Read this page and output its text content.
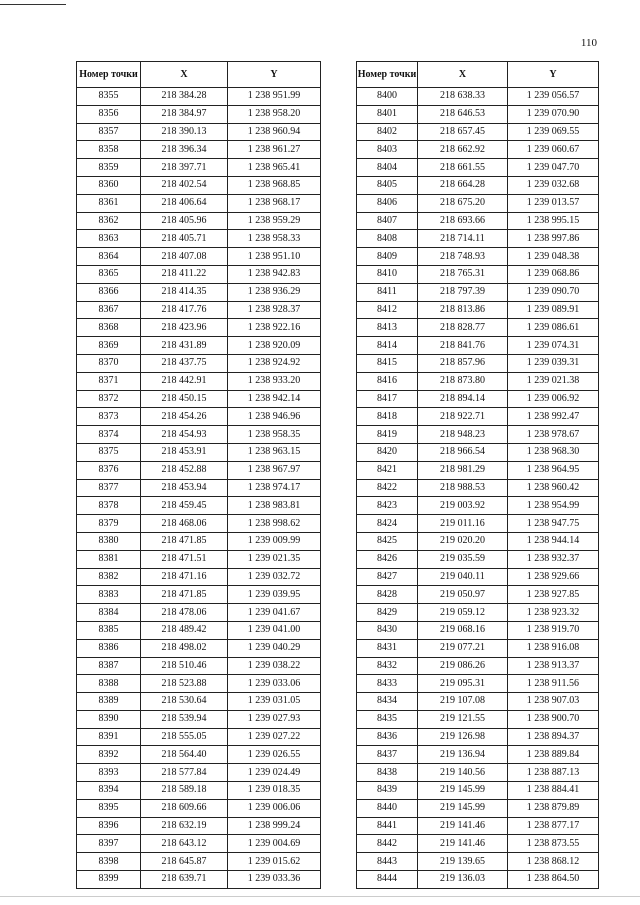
110
Номер точки	X	Y
8355	218 384.28	1 238 951.99
8356	218 384.97	1 238 958.20
8357	218 390.13	1 238 960.94
8358	218 396.34	1 238 961.27
8359	218 397.71	1 238 965.41
8360	218 402.54	1 238 968.85
8361	218 406.64	1 238 968.17
8362	218 405.96	1 238 959.29
8363	218 405.71	1 238 958.33
8364	218 407.08	1 238 951.10
8365	218 411.22	1 238 942.83
8366	218 414.35	1 238 936.29
8367	218 417.76	1 238 928.37
8368	218 423.96	1 238 922.16
8369	218 431.89	1 238 920.09
8370	218 437.75	1 238 924.92
8371	218 442.91	1 238 933.20
8372	218 450.15	1 238 942.14
8373	218 454.26	1 238 946.96
8374	218 454.93	1 238 958.35
8375	218 453.91	1 238 963.15
8376	218 452.88	1 238 967.97
8377	218 453.94	1 238 974.17
8378	218 459.45	1 238 983.81
8379	218 468.06	1 238 998.62
8380	218 471.85	1 239 009.99
8381	218 471.51	1 239 021.35
8382	218 471.16	1 239 032.72
8383	218 471.85	1 239 039.95
8384	218 478.06	1 239 041.67
8385	218 489.42	1 239 041.00
8386	218 498.02	1 239 040.29
8387	218 510.46	1 239 038.22
8388	218 523.88	1 239 033.06
8389	218 530.64	1 239 031.05
8390	218 539.94	1 239 027.93
8391	218 555.05	1 239 027.22
8392	218 564.40	1 239 026.55
8393	218 577.84	1 239 024.49
8394	218 589.18	1 239 018.35
8395	218 609.66	1 239 006.06
8396	218 632.19	1 238 999.24
8397	218 643.12	1 239 004.69
8398	218 645.87	1 239 015.62
8399	218 639.71	1 239 033.36
Номер точки	X	Y
8400	218 638.33	1 239 056.57
8401	218 646.53	1 239 070.90
8402	218 657.45	1 239 069.55
8403	218 662.92	1 239 060.67
8404	218 661.55	1 239 047.70
8405	218 664.28	1 239 032.68
8406	218 675.20	1 239 013.57
8407	218 693.66	1 238 995.15
8408	218 714.11	1 238 997.86
8409	218 748.93	1 239 048.38
8410	218 765.31	1 239 068.86
8411	218 797.39	1 239 090.70
8412	218 813.86	1 239 089.91
8413	218 828.77	1 239 086.61
8414	218 841.76	1 239 074.31
8415	218 857.96	1 239 039.31
8416	218 873.80	1 239 021.38
8417	218 894.14	1 239 006.92
8418	218 922.71	1 238 992.47
8419	218 948.23	1 238 978.67
8420	218 966.54	1 238 968.30
8421	218 981.29	1 238 964.95
8422	218 988.53	1 238 960.42
8423	219 003.92	1 238 954.99
8424	219 011.16	1 238 947.75
8425	219 020.20	1 238 944.14
8426	219 035.59	1 238 932.37
8427	219 040.11	1 238 929.66
8428	219 050.97	1 238 927.85
8429	219 059.12	1 238 923.32
8430	219 068.16	1 238 919.70
8431	219 077.21	1 238 916.08
8432	219 086.26	1 238 913.37
8433	219 095.31	1 238 911.56
8434	219 107.08	1 238 907.03
8435	219 121.55	1 238 900.70
8436	219 126.98	1 238 894.37
8437	219 136.94	1 238 889.84
8438	219 140.56	1 238 887.13
8439	219 145.99	1 238 884.41
8440	219 145.99	1 238 879.89
8441	219 141.46	1 238 877.17
8442	219 141.46	1 238 873.55
8443	219 139.65	1 238 868.12
8444	219 136.03	1 238 864.50
